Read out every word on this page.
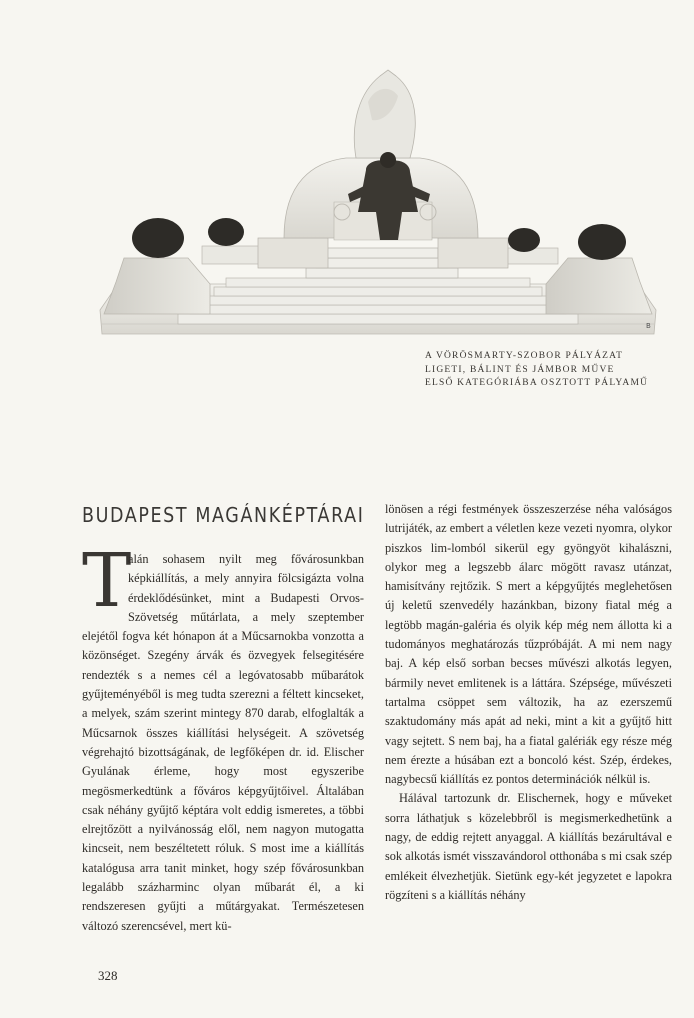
B
A VÖRÖSMARTY-SZOBOR PÁLYÁZAT
LIGETI, BÁLINT ÉS JÁMBOR MŰVE
ELSŐ KATEGÓRIÁBA OSZTOTT PÁLYAMŰ
BUDAPEST MAGÁNKÉPTÁRAI
T

alán sohasem nyilt meg fővárosunkban képkiállítás, a mely annyira fölcsigázta volna érdeklődésünket, mint a Budapesti Orvos-Szövetség műtárlata, a mely szeptember elejétől fogva két hónapon át a Műcsarnokba vonzotta a közönséget. Szegény árvák és özvegyek felsegitésére rendezték s a nemes cél a legóvatosabb műbarátok gyűjteményéből is meg tudta szerezni a féltett kincseket, a melyek, szám szerint mintegy 870 darab, elfoglalták a Műcsarnok összes kiállítási helységeit. A szövetség végrehajtó bizottságának, de legfőképen dr. id. Elischer Gyulának érleme, hogy most egyszeribe megösmerkedtünk a főváros képgyűjtőivel. Általában csak néhány gyűjtő képtára volt eddig ismeretes, a többi elrejtőzött a nyilvánosság elől, nem nagyon mutogatta kincseit, nem beszéltetett róluk. S most ime a kiállítás katalógusa arra tanit minket, hogy szép fővárosunkban legalább százharminc olyan műbarát él, a ki rendszeresen gyűjti a műtárgyakat. Természetesen változó szerencsével, mert kü-

lönösen a régi festmények összeszerzése néha valóságos lutrijáték, az embert a véletlen keze vezeti nyomra, olykor piszkos lim-lomból sikerül egy gyöngyöt kihalászni, olykor meg a legszebb álarc mögött ravasz utánzat, hamisítvány rejtőzik. S mert a képgyűjtés meglehetősen új keletű szenvedély hazánkban, bizony fiatal még a legtöbb magán-galéria és olyik kép még nem állotta ki a tudományos meghatározás tűzpróbáját. A mi nem nagy baj. A kép első sorban becses művészi alkotás legyen, bármily nevet emlitenek is a láttára. Szépsége, művészeti tartalma csöppet sem változik, ha az ezerszemű szaktudomány más apát ad neki, mint a kit a gyűjtő hitt vagy sejtett. S nem baj, ha a fiatal galériák egy része még nem érezte a húsában ezt a boncoló kést. Szép, érdekes, nagybecsű kiállítás ez pontos determinációk nélkül is.

Hálával tartozunk dr. Elischernek, hogy e műveket sorra láthatjuk s közelebbről is megismerkedhetünk a nagy, de eddig rejtett anyaggal. A kiállítás bezárultával e sok alkotás ismét visszavándorol otthonába s mi csak szép emlékeit élvezhetjük. Sietünk egy-két jegyzetet e lapokra rögzíteni s a kiállítás néhány

328
